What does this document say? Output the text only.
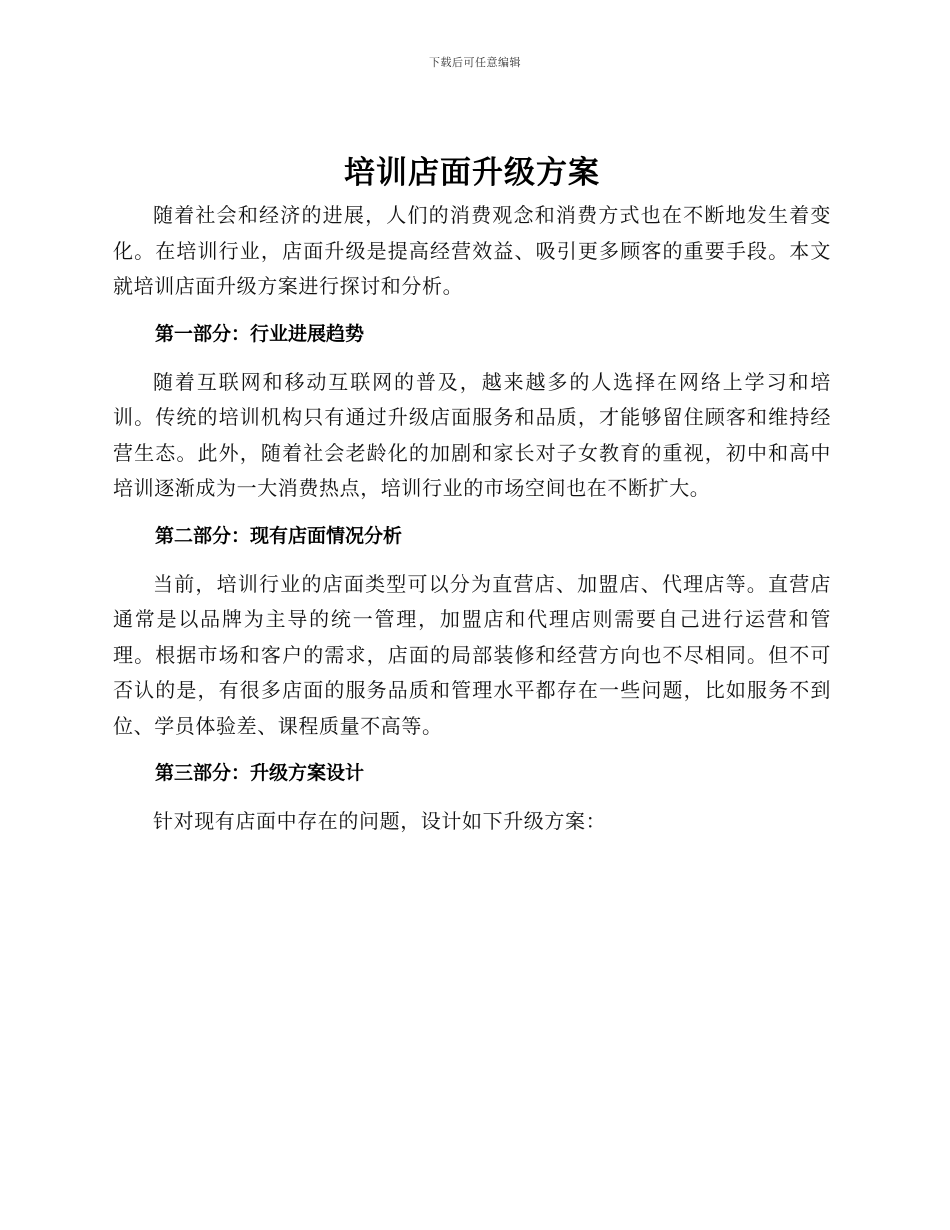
下载后可任意编辑
培训店面升级方案

随着社会和经济的进展，人们的消费观念和消费方式也在不断地发生着变化。在培训行业，店面升级是提高经营效益、吸引更多顾客的重要手段。本文就培训店面升级方案进行探讨和分析。

第一部分：行业进展趋势

随着互联网和移动互联网的普及，越来越多的人选择在网络上学习和培训。传统的培训机构只有通过升级店面服务和品质，才能够留住顾客和维持经营生态。此外，随着社会老龄化的加剧和家长对子女教育的重视，初中和高中培训逐渐成为一大消费热点，培训行业的市场空间也在不断扩大。

第二部分：现有店面情况分析

当前，培训行业的店面类型可以分为直营店、加盟店、代理店等。直营店通常是以品牌为主导的统一管理，加盟店和代理店则需要自己进行运营和管理。根据市场和客户的需求，店面的局部装修和经营方向也不尽相同。但不可否认的是，有很多店面的服务品质和管理水平都存在一些问题，比如服务不到位、学员体验差、课程质量不高等。

第三部分：升级方案设计

针对现有店面中存在的问题，设计如下升级方案：
